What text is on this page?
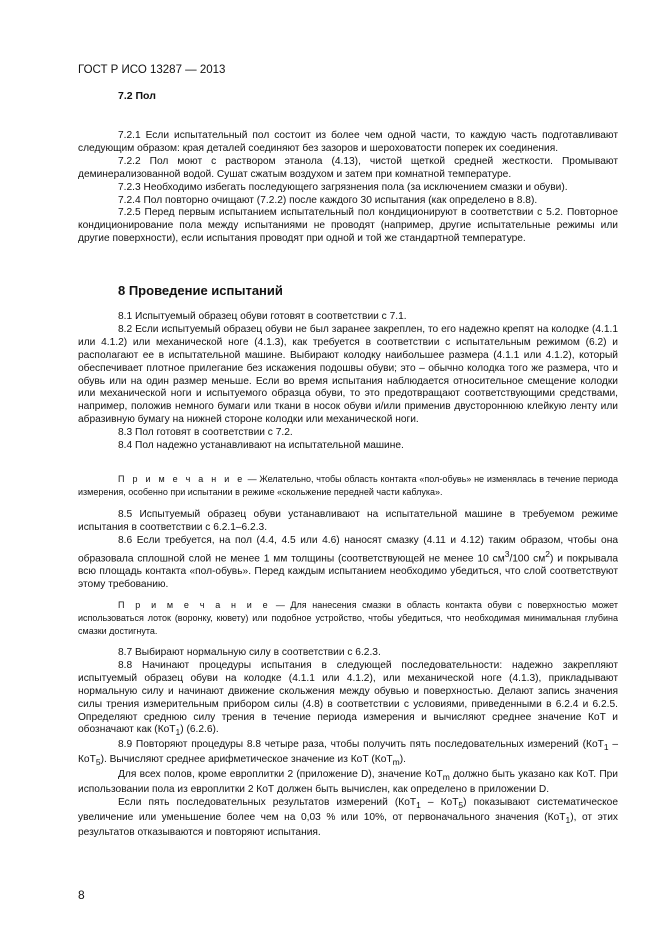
ГОСТ Р ИСО 13287 — 2013
7.2 Пол

7.2.1 Если испытательный пол состоит из более чем одной части, то каждую часть подготавливают следующим образом: края деталей соединяют без зазоров и шероховатости поперек их соединения.

7.2.2 Пол моют с раствором этанола (4.13), чистой щеткой средней жесткости. Промывают деминерализованной водой. Сушат сжатым воздухом и затем при комнатной температуре.

7.2.3 Необходимо избегать последующего загрязнения пола (за исключением смазки и обуви).

7.2.4 Пол повторно очищают (7.2.2) после каждого 30 испытания (как определено в 8.8).

7.2.5 Перед первым испытанием испытательный пол кондиционируют в соответствии с 5.2. Повторное кондиционирование пола между испытаниями не проводят (например, другие испытательные режимы или другие поверхности), если испытания проводят при одной и той же стандартной температуре.

8 Проведение испытаний

8.1 Испытуемый образец обуви готовят в соответствии с 7.1.

8.2 Если испытуемый образец обуви не был заранее закреплен, то его надежно крепят на колодке (4.1.1 или 4.1.2) или механической ноге (4.1.3), как требуется в соответствии с испытательным режимом (6.2) и располагают ее в испытательной машине. Выбирают колодку наибольшее размера (4.1.1 или 4.1.2), который обеспечивает плотное прилегание без искажения подошвы обуви; это – обычно колодка того же размера, что и обувь или на один размер меньше. Если во время испытания наблюдается относительное смещение колодки или механической ноги и испытуемого образца обуви, то это предотвращают соответствующими средствами, например, положив немного бумаги или ткани в носок обуви и/или применив двустороннюю клейкую ленту или абразивную бумагу на нижней стороне колодки или механической ноги.

8.3 Пол готовят в соответствии с 7.2.

8.4 Пол надежно устанавливают на испытательной машине.

П р и м е ч а н и е — Желательно, чтобы область контакта «пол-обувь» не изменялась в течение периода измерения, особенно при испытании в режиме «скольжение передней части каблука».

8.5 Испытуемый образец обуви устанавливают на испытательной машине в требуемом режиме испытания в соответствии с 6.2.1–6.2.3.

8.6 Если требуется, на пол (4.4, 4.5 или 4.6) наносят смазку (4.11 и 4.12) таким образом, чтобы она образовала сплошной слой не менее 1 мм толщины (соответствующей не менее 10 $см^3/100$ $см^2$) и покрывала всю площадь контакта «пол-обувь». Перед каждым испытанием необходимо убедиться, что слой соответствуют этому требованию.

П р и м е ч а н и е — Для нанесения смазки в область контакта обуви с поверхностью может использоваться лоток (воронку, кювету) или подобное устройство, чтобы убедиться, что необходимая минимальная глубина смазки достигнута.

8.7 Выбирают нормальную силу в соответствии с 6.2.3.

8.8 Начинают процедуры испытания в следующей последовательности: надежно закрепляют испытуемый образец обуви на колодке (4.1.1 или 4.1.2), или механической ноге (4.1.3), прикладывают нормальную силу и начинают движение скольжения между обувью и поверхностью. Делают запись значения силы трения измерительным прибором силы (4.8) в соответствии с условиями, приведенными в 6.2.4 и 6.2.5. Определяют среднюю силу трения в течение периода измерения и вычисляют среднее значение КоТ и обозначают как (КоТ$_1$) (6.2.6).

8.9 Повторяют процедуры 8.8 четыре раза, чтобы получить пять последовательных измерений (КоТ$_1$ – КоТ$_5$). Вычисляют среднее арифметическое значение из КоТ (КоТ$_m$).

Для всех полов, кроме европлитки 2 (приложение D), значение КоТ$_m$ должно быть указано как КоТ. При использовании пола из европлитки 2 КоТ должен быть вычислен, как определено в приложении D.

Если пять последовательных результатов измерений (КоТ$_1$ – КоТ$_5$) показывают систематическое увеличение или уменьшение более чем на 0,03 % или 10%, от первоначального значения (КоТ$_1$), от этих результатов отказываются и повторяют испытания.

8
